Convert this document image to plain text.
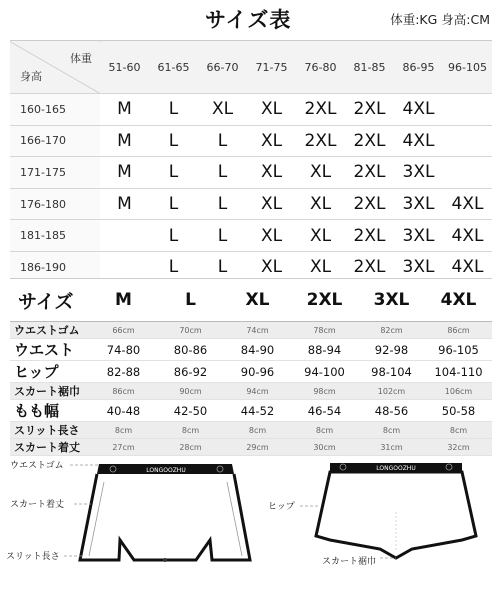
サイズ表	体重:KG 身高:CM
体重
身高	51-60	61-65	66-70	71-75	76-80	81-85	86-95	96-105
160-165	M	L	XL	XL	2XL	2XL	4XL	
166-170	M	L	L	XL	2XL	2XL	4XL	
171-175	M	L	L	XL	XL	2XL	3XL	
176-180	M	L	L	XL	XL	2XL	3XL	4XL
181-185		L	L	XL	XL	2XL	3XL	4XL
186-190		L	L	XL	XL	2XL	3XL	4XL
サイズ	M	L	XL	2XL	3XL	4XL
ウエストゴム	66cm	70cm	74cm	78cm	82cm	86cm
ウエスト	74-80	80-86	84-90	88-94	92-98	96-105
ヒップ	82-88	86-92	90-96	94-100	98-104	104-110
スカート裾巾	86cm	90cm	94cm	98cm	102cm	106cm
もも幅	40-48	42-50	44-52	46-54	48-56	50-58
スリット長さ	8cm	8cm	8cm	8cm	8cm	8cm
スカート着丈	27cm	28cm	29cm	30cm	31cm	32cm
LONGOOZHU	LONGOOZHU
ウエストゴム
スカート着丈
スリット長さ
ヒップ
スカート裾巾
